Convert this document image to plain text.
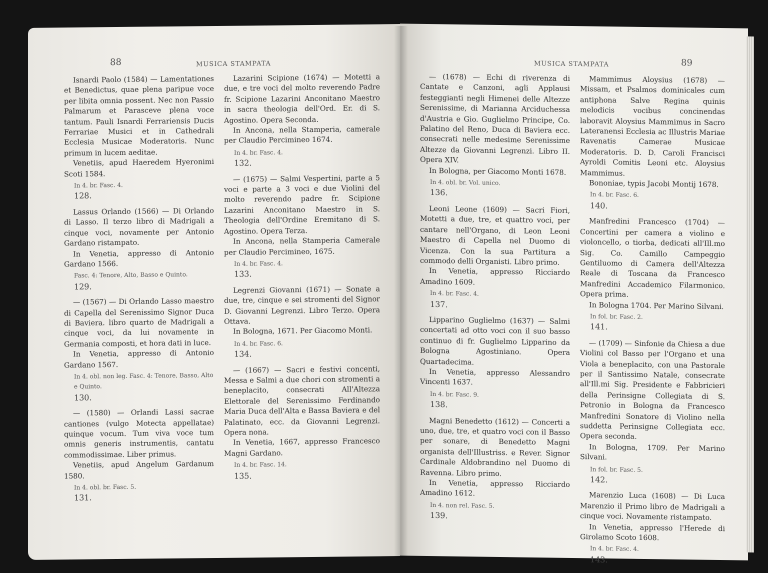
88	MUSICA STAMPATA

Isnardi Paolo (1584) — Lamentationes et Benedictus, quae plena paripue voce per libita omnia possent. Nec non Passio Palmarum et Parasceve plena voce tantum. Pauli Isnardi Ferrariensis Ducis Ferrariae Musici et in Cathedrali Ecclesia Musicae Moderatoris. Nunc primum in lucem aeditae.

Venetiis, apud Haeredem Hyeronimi Scoti 1584.

In 4. br. Fasc. 4.
128.

Lassus Orlando (1566) — Di Orlando di Lasso. Il terzo libro di Madrigali a cinque voci, novamente per Antonio Gardano ristampato.

In Venetia, appresso di Antonio Gardano 1566.

Fasc. 4: Tenore, Alto, Basso e Quinto.
129.

— (1567) — Di Orlando Lasso maestro di Capella del Serenissimo Signor Duca di Baviera. libro quarto de Madrigali a cinque voci, da lui novamente in Germania composti, et hora dati in luce.

In Venetia, appresso di Antonio Gardano 1567.

In 4. obl. non leg. Fasc. 4: Tenore, Basso, Alto e Quinto.
130.

— (1580) — Orlandi Lassi sacrae cantiones (vulgo Motecta appellatae) quinque vocum. Tum viva voce tum omnis generis instrumentis, cantatu commodissimae. Liber primus.

Venetiis, apud Angelum Gardanum 1580.

In 4. obl. br. Fasc. 5.
131.

Lazarini Scipione (1674) — Motetti a due, e tre voci del molto reverendo Padre fr. Scipione Lazarini Anconitano Maestro in sacra theologia dell'Ord. Er. di S. Agostino. Opera Seconda.

In Ancona, nella Stamperia, camerale per Claudio Percimineo 1674.

In 4. br. Fasc. 4.
132.

— (1675) — Salmi Vespertini, parte a 5 voci e parte a 3 voci e due Violini del molto reverendo padre fr. Scipione Lazarini Anconitano Maestro in S. Theologia dell'Ordine Eremitano di S. Agostino. Opera Terza.

In Ancona, nella Stamperia Camerale per Claudio Percimineo, 1675.

In 4. br. Fasc. 4.
133.

Legrenzi Giovanni (1671) — Sonate a due, tre, cinque e sei stromenti del Signor D. Giovanni Legrenzi. Libro Terzo. Opera Ottava.

In Bologna, 1671. Per Giacomo Monti.

In 4. br. Fasc. 6.
134.

— (1667) — Sacri e festivi concenti, Messa e Salmi a due chori con stromenti a beneplacito, consecrati All'Altezza Elettorale del Serenissimo Ferdinando Maria Duca dell'Alta e Bassa Baviera e del Palatinato, ecc. da Giovanni Legrenzi. Opera nona.

In Venetia, 1667, appresso Francesco Magni Gardano.

In 4. br. Fasc. 14.
135.
MUSICA STAMPATA	89

— (1678) — Echi di riverenza di Cantate e Canzoni, agli Applausi festeggianti negli Himenei delle Altezze Serenissime, di Marianna Arciduchessa d'Austria e Gio. Guglielmo Principe, Co. Palatino del Reno, Duca di Baviera ecc. consecrati nelle medesime Serenissime Altezze da Giovanni Legrenzi. Libro II. Opera XIV.

In Bologna, per Giacomo Monti 1678.

In 4. obl. br. Vol. unico.
136.

Leoni Leone (1609) — Sacri Fiori, Motetti a due, tre, et quattro voci, per cantare nell'Organo, di Leon Leoni Maestro di Capella nel Duomo di Vicenza. Con la sua Partitura a commodo delli Organisti. Libro primo.

In Venetia, appresso Ricciardo Amadino 1609.

In 4. br. Fasc. 4.
137.

Lipparino Guglielmo (1637) — Salmi concertati ad otto voci con il suo basso continuo di fr. Guglielmo Lipparino da Bologna Agostiniano. Opera Quartadecima.

In Venetia, appresso Alessandro Vincenti 1637.

In 4. br. Fasc. 9.
138.

Magni Benedetto (1612) — Concerti a uno, due, tre, et quatro voci con il Basso per sonare, di Benedetto Magni organista dell'Illustriss. e Rever. Signor Cardinale Aldobrandino nel Duomo di Ravenna. Libro primo.

In Venetia, appresso Ricciardo Amadino 1612.

In 4. non rel. Fasc. 5.
139.

Mammimus Aloysius (1678) — Missam, et Psalmos dominicales cum antiphona Salve Regina quinis melodicis vocibus concinendas laboravit Aloysius Mammimus in Sacro Lateranensi Ecclesia ac Illustris Mariae Ravenatis Camerae Musicae Moderatoris. D. D. Caroli Francisci Ayroldi Comitis Leoni etc. Aloysius Mammimus.

Bononiae, typis Jacobi Montij 1678.

In 4. br. Fasc. 6.
140.

Manfredini Francesco (1704) — Concertini per camera a violino e violoncello, o tiorba, dedicati all'Ill.mo Sig. Co. Camillo Campeggio Gentiluomo di Camera dell'Altezza Reale di Toscana da Francesco Manfredini Accademico Filarmonico. Opera prima.

In Bologna 1704. Per Marino Silvani.

In fol. br. Fasc. 2.
141.

— (1709) — Sinfonie da Chiesa a due Violini col Basso per l'Organo et una Viola a beneplacito, con una Pastorale per il Santissimo Natale, consecrate all'Ill.mi Sig. Presidente e Fabbricieri della Perinsigne Collegiata di S. Petronio in Bologna da Francesco Manfredini Sonatore di Violino nella suddetta Perinsigne Collegiata ecc. Opera seconda.

In Bologna, 1709. Per Marino Silvani.

In fol. br. Fasc. 5.
142.

Marenzio Luca (1608) — Di Luca Marenzio il Primo libro de Madrigali a cinque voci. Novamente ristampato.

In Venetia, appresso l'Herede di Girolamo Scoto 1608.

In 4. br. Fasc. 4.
143.
